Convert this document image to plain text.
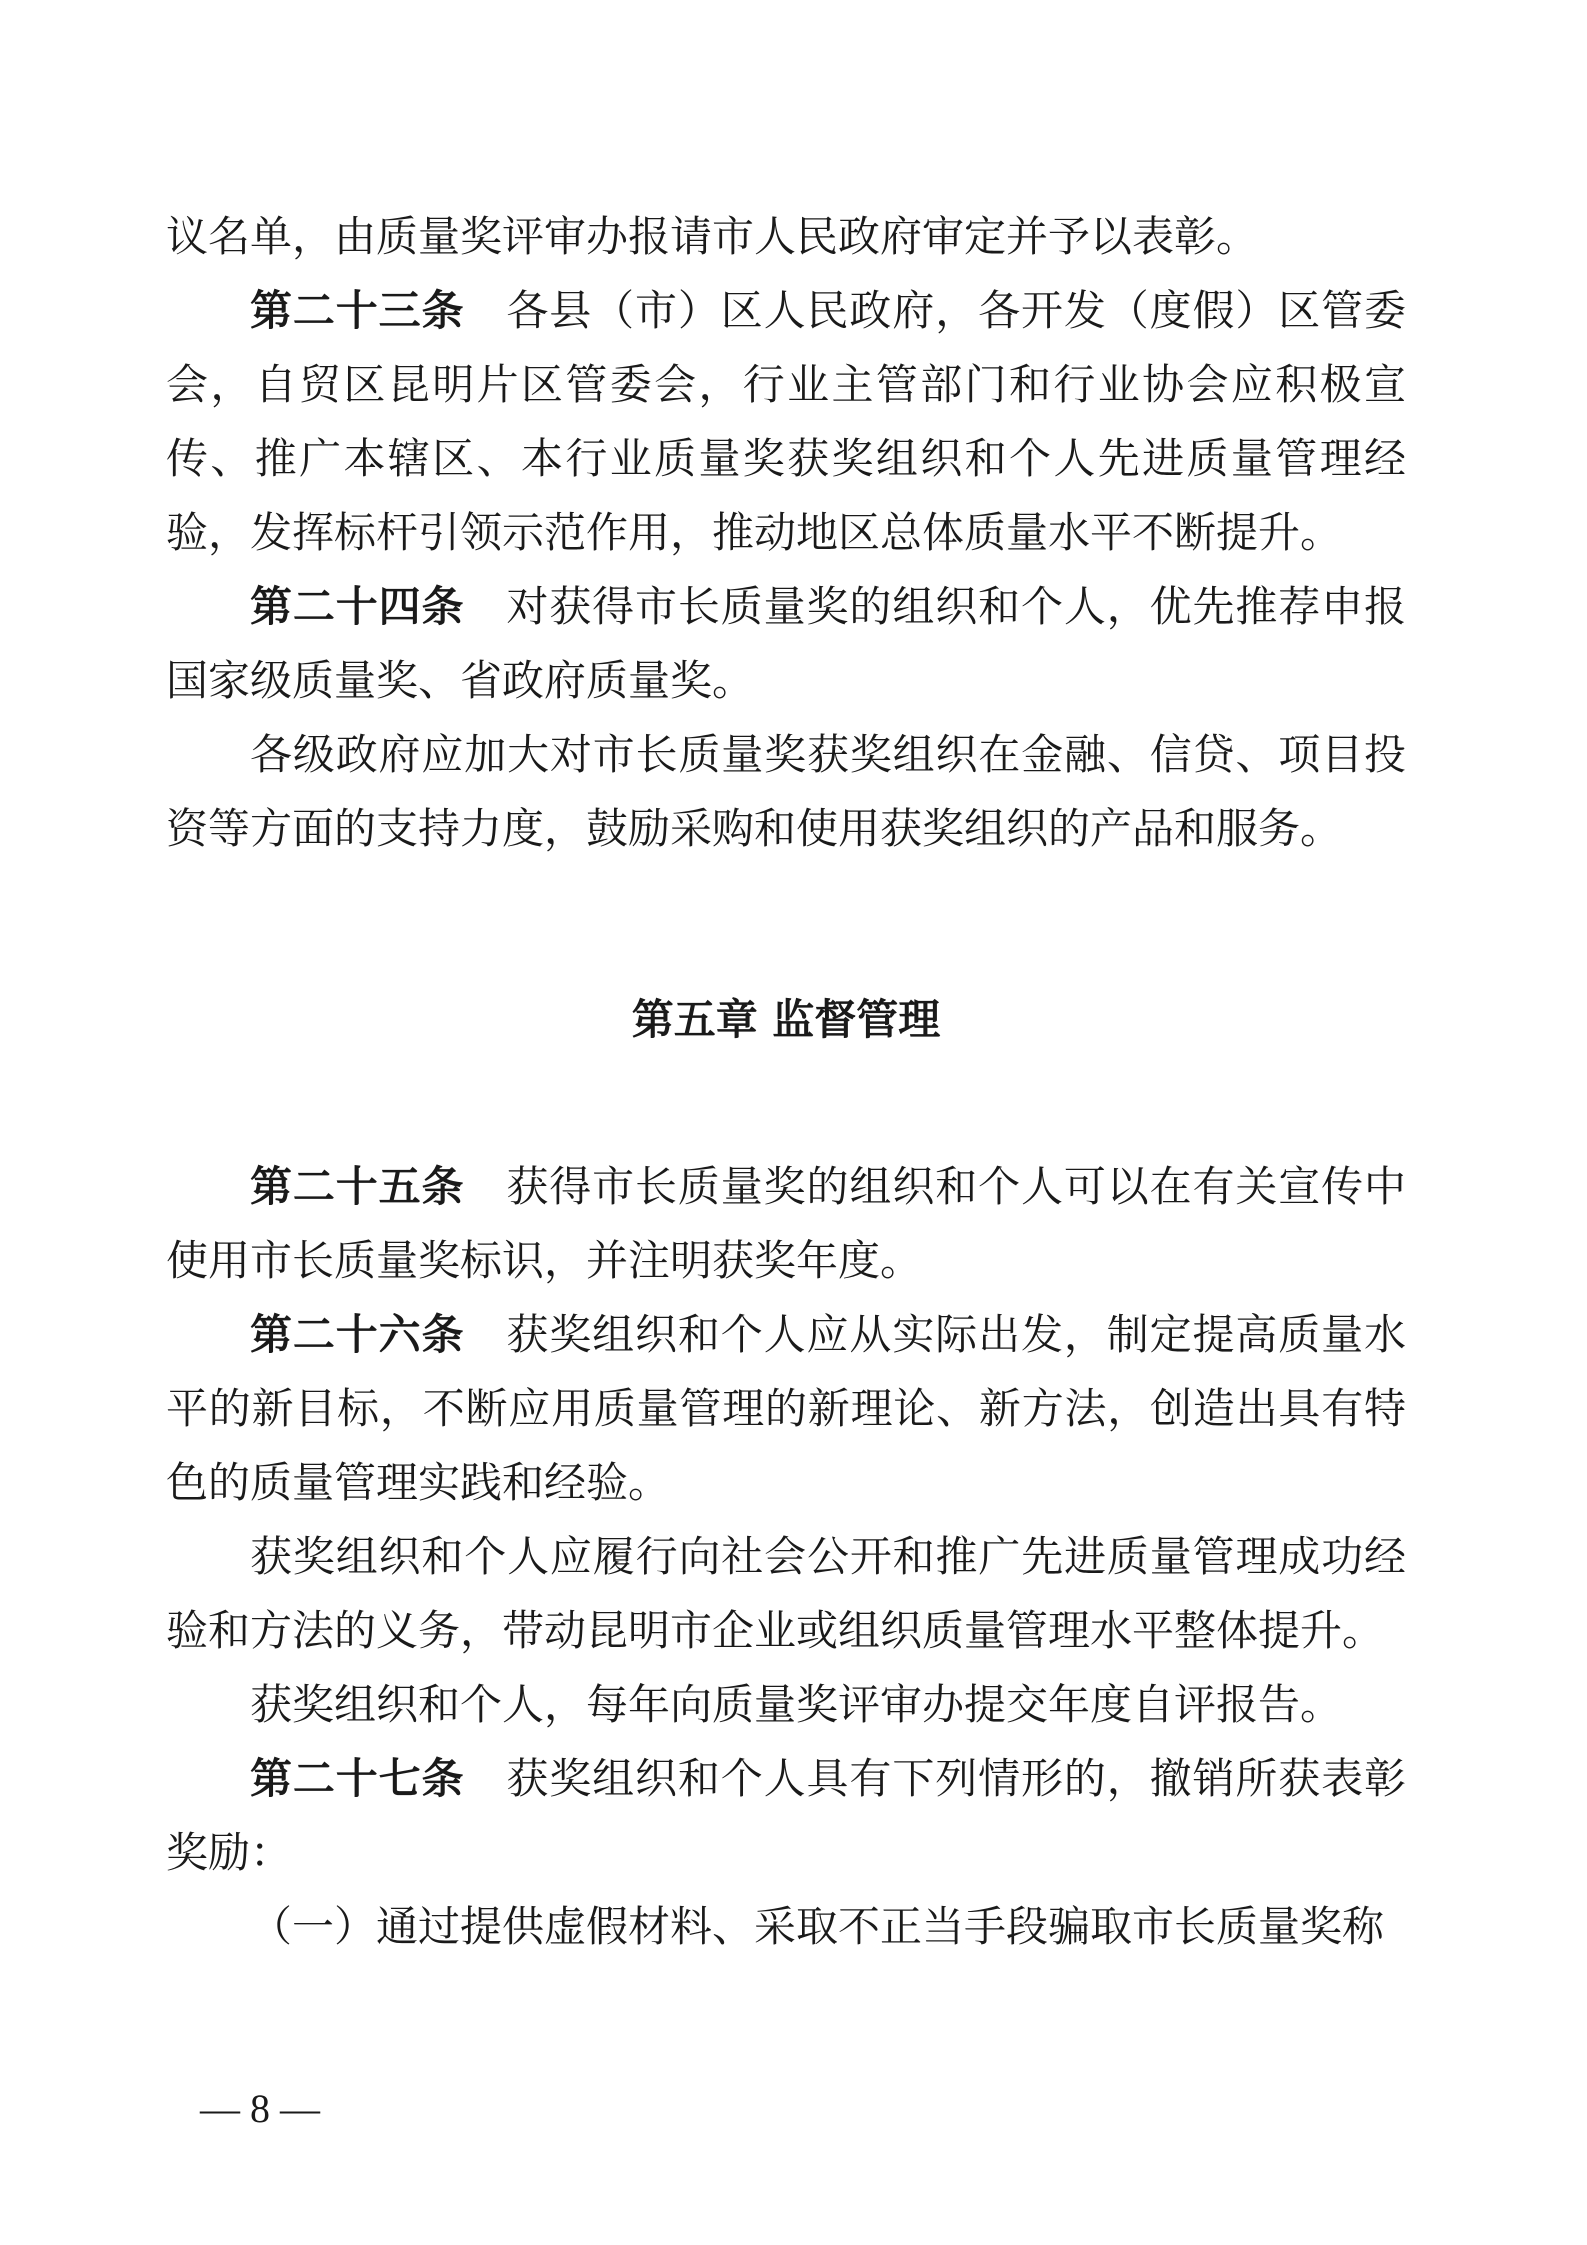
议名单，由质量奖评审办报请市人民政府审定并予以表彰。

第二十三条 各县（市）区人民政府，各开发（度假）区管委会，自贸区昆明片区管委会，行业主管部门和行业协会应积极宣传、推广本辖区、本行业质量奖获奖组织和个人先进质量管理经验，发挥标杆引领示范作用，推动地区总体质量水平不断提升。

第二十四条 对获得市长质量奖的组织和个人，优先推荐申报国家级质量奖、省政府质量奖。

各级政府应加大对市长质量奖获奖组织在金融、信贷、项目投资等方面的支持力度，鼓励采购和使用获奖组织的产品和服务。

第五章 监督管理

第二十五条 获得市长质量奖的组织和个人可以在有关宣传中使用市长质量奖标识，并注明获奖年度。

第二十六条 获奖组织和个人应从实际出发，制定提高质量水平的新目标，不断应用质量管理的新理论、新方法，创造出具有特色的质量管理实践和经验。

获奖组织和个人应履行向社会公开和推广先进质量管理成功经验和方法的义务，带动昆明市企业或组织质量管理水平整体提升。

获奖组织和个人，每年向质量奖评审办提交年度自评报告。

第二十七条 获奖组织和个人具有下列情形的，撤销所获表彰奖励：

（一）通过提供虚假材料、采取不正当手段骗取市长质量奖称

— 8 —
